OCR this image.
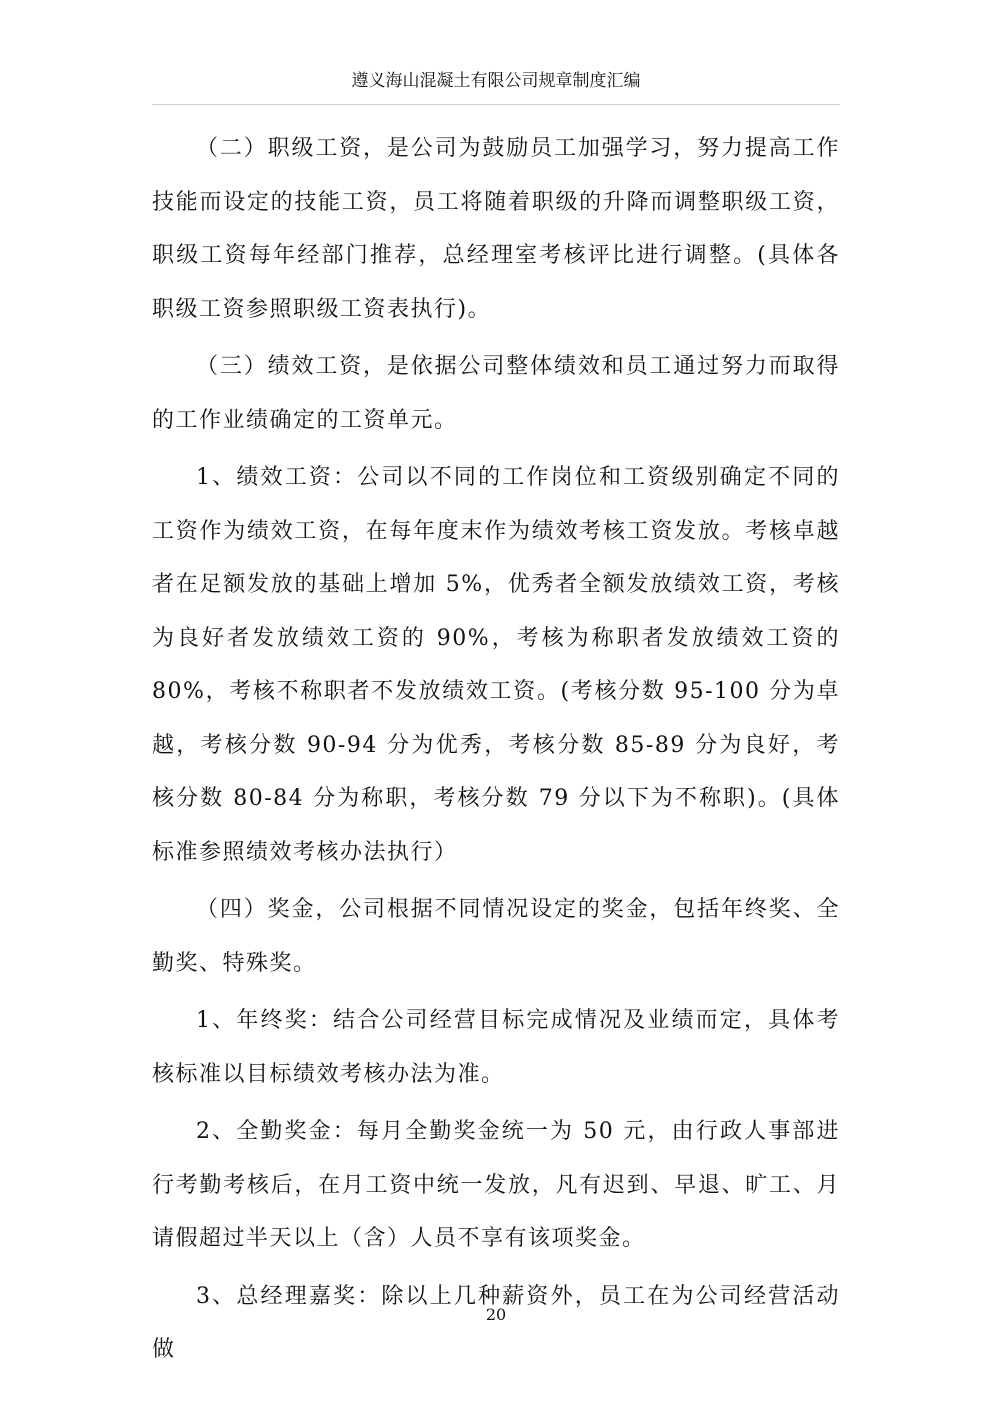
遵义海山混凝土有限公司规章制度汇编

（二）职级工资，是公司为鼓励员工加强学习，努力提高工作技能而设定的技能工资，员工将随着职级的升降而调整职级工资，职级工资每年经部门推荐，总经理室考核评比进行调整。(具体各职级工资参照职级工资表执行)。

（三）绩效工资，是依据公司整体绩效和员工通过努力而取得的工作业绩确定的工资单元。

1、绩效工资：公司以不同的工作岗位和工资级别确定不同的工资作为绩效工资，在每年度末作为绩效考核工资发放。考核卓越者在足额发放的基础上增加 5%，优秀者全额发放绩效工资，考核为良好者发放绩效工资的 90%，考核为称职者发放绩效工资的 80%，考核不称职者不发放绩效工资。(考核分数 95-100 分为卓越，考核分数 90-94 分为优秀，考核分数 85-89 分为良好，考核分数 80-84 分为称职，考核分数 79 分以下为不称职)。(具体标准参照绩效考核办法执行）

（四）奖金，公司根据不同情况设定的奖金，包括年终奖、全勤奖、特殊奖。

1、年终奖：结合公司经营目标完成情况及业绩而定，具体考核标准以目标绩效考核办法为准。

2、全勤奖金：每月全勤奖金统一为 50 元，由行政人事部进行考勤考核后，在月工资中统一发放，凡有迟到、早退、旷工、月请假超过半天以上（含）人员不享有该项奖金。

3、总经理嘉奖：除以上几种薪资外，员工在为公司经营活动做

20
